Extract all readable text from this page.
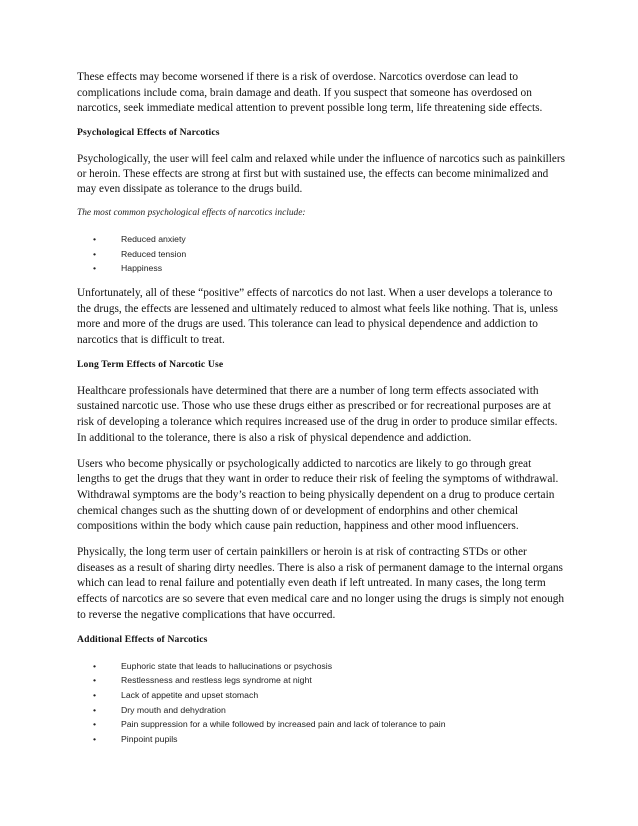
These effects may become worsened if there is a risk of overdose. Narcotics overdose can lead to complications include coma, brain damage and death. If you suspect that someone has overdosed on narcotics, seek immediate medical attention to prevent possible long term, life threatening side effects.

Psychological Effects of Narcotics

Psychologically, the user will feel calm and relaxed while under the influence of narcotics such as painkillers or heroin. These effects are strong at first but with sustained use, the effects can become minimalized and may even dissipate as tolerance to the drugs build.

The most common psychological effects of narcotics include:

•	Reduced anxiety
•	Reduced tension
•	Happiness

Unfortunately, all of these “positive” effects of narcotics do not last. When a user develops a tolerance to the drugs, the effects are lessened and ultimately reduced to almost what feels like nothing. That is, unless more and more of the drugs are used. This tolerance can lead to physical dependence and addiction to narcotics that is difficult to treat.

Long Term Effects of Narcotic Use

Healthcare professionals have determined that there are a number of long term effects associated with sustained narcotic use. Those who use these drugs either as prescribed or for recreational purposes are at risk of developing a tolerance which requires increased use of the drug in order to produce similar effects. In additional to the tolerance, there is also a risk of physical dependence and addiction.

Users who become physically or psychologically addicted to narcotics are likely to go through great lengths to get the drugs that they want in order to reduce their risk of feeling the symptoms of withdrawal. Withdrawal symptoms are the body’s reaction to being physically dependent on a drug to produce certain chemical changes such as the shutting down of or development of endorphins and other chemical compositions within the body which cause pain reduction, happiness and other mood influencers.

Physically, the long term user of certain painkillers or heroin is at risk of contracting STDs or other diseases as a result of sharing dirty needles. There is also a risk of permanent damage to the internal organs which can lead to renal failure and potentially even death if left untreated. In many cases, the long term effects of narcotics are so severe that even medical care and no longer using the drugs is simply not enough to reverse the negative complications that have occurred.

Additional Effects of Narcotics
•	Euphoric state that leads to hallucinations or psychosis
•	Restlessness and restless legs syndrome at night
•	Lack of appetite and upset stomach
•	Dry mouth and dehydration
•	Pain suppression for a while followed by increased pain and lack of tolerance to pain
•	Pinpoint pupils
